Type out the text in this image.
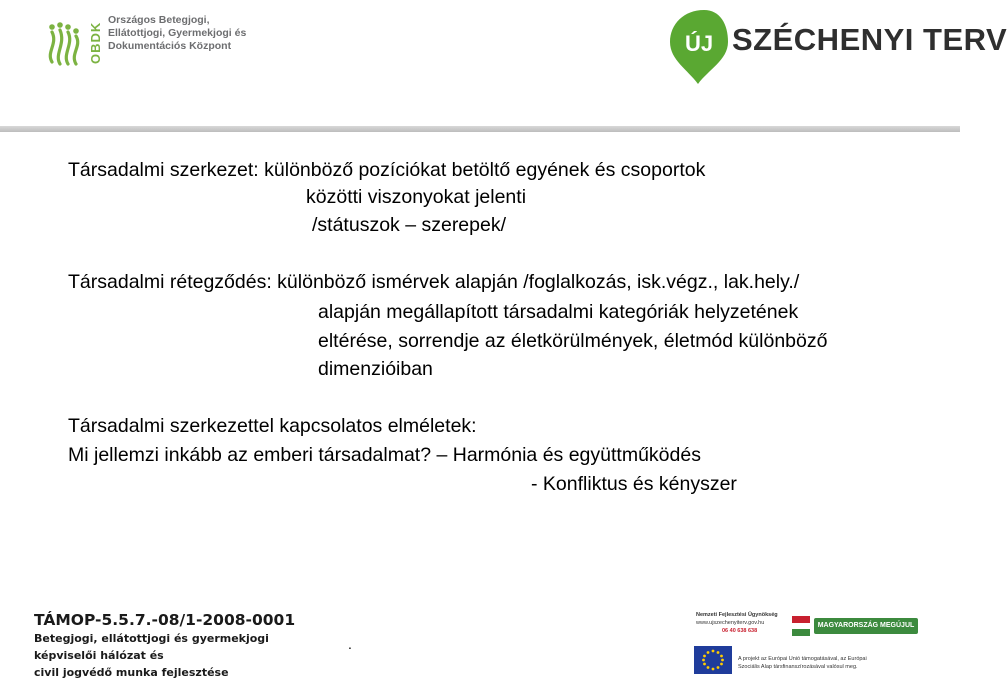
OBDK
Országos Betegjogi,
Ellátottjogi, Gyermekjogi és
Dokumentációs Központ	ÚJ SZÉCHENYI TERV
Társadalmi szerkezet: különböző pozíciókat betöltő egyének és csoportok
közötti viszonyokat jelenti
/státuszok – szerepek/
Társadalmi rétegződés: különböző ismérvek alapján /foglalkozás, isk.végz., lak.hely./
alapján megállapított társadalmi kategóriák helyzetének
eltérése, sorrendje az életkörülmények, életmód különböző
dimenzióiban
Társadalmi szerkezettel kapcsolatos elméletek:
Mi jellemzi inkább az emberi társadalmat? – Harmónia és együttműködés
- Konfliktus és kényszer
TÁMOP-5.5.7.-08/1-2008-0001
Betegjogi, ellátottjogi és gyermekjogi
képviselői hálózat és
civil jogvédő munka fejlesztése
.
Nemzeti Fejlesztési Ügynökség
www.ujszechenyiterv.gov.hu
06 40 638 638
MAGYARORSZÁG MEGÚJUL
A projekt az Európai Unió támogatásával, az Európai
Szociális Alap társfinanszírozásával valósul meg.
